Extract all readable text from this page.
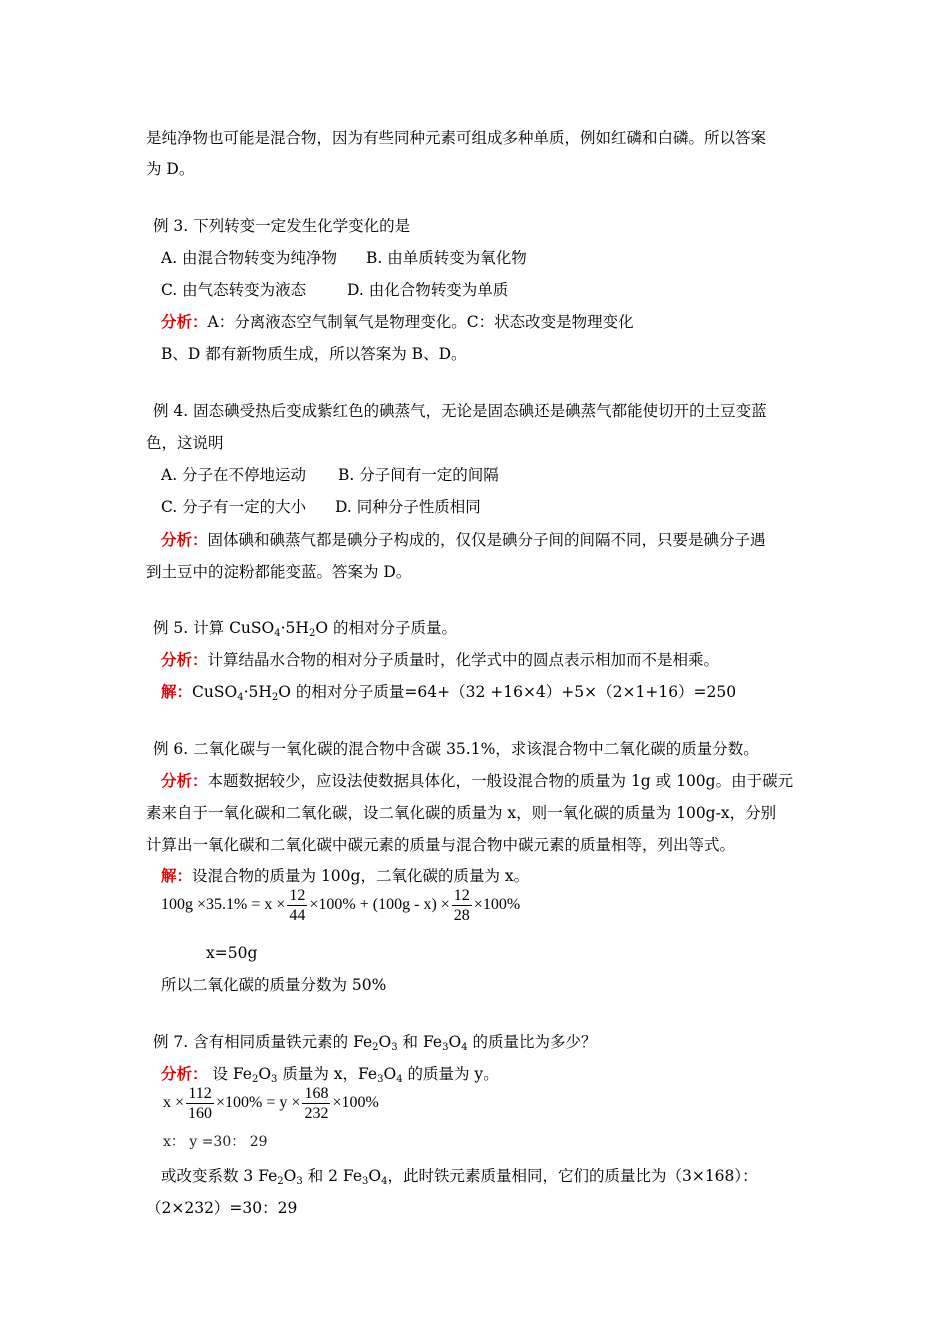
是纯净物也可能是混合物，因为有些同种元素可组成多种单质，例如红磷和白磷。所以答案
为 D。
例 3. 下列转变一定发生化学变化的是
A. 由混合物转变为纯净物 B. 由单质转变为氧化物
C. 由气态转变为液态	D. 由化合物转变为单质
分析：A：分离液态空气制氧气是物理变化。C：状态改变是物理变化
B、D 都有新物质生成，所以答案为 B、D。
例 4. 固态碘受热后变成紫红色的碘蒸气，无论是固态碘还是碘蒸气都能使切开的土豆变蓝
色，这说明
A. 分子在不停地运动 B. 分子间有一定的间隔
C. 分子有一定的大小 D. 同种分子性质相同
分析：固体碘和碘蒸气都是碘分子构成的，仅仅是碘分子间的间隔不同，只要是碘分子遇
到土豆中的淀粉都能变蓝。答案为 D。
例 5. 计算 $CuSO_4\cdot 5H_2O$ 的相对分子质量。
分析：计算结晶水合物的相对分子质量时，化学式中的圆点表示相加而不是相乘。
解：$CuSO_4\cdot 5H_2O$ 的相对分子质量=64+（32 +16×4）+5×（2×1+16）=250
例 6. 二氧化碳与一氧化碳的混合物中含碳 35.1%，求该混合物中二氧化碳的质量分数。
分析：本题数据较少，应设法使数据具体化，一般设混合物的质量为 1g 或 100g。由于碳元
素来自于一氧化碳和二氧化碳，设二氧化碳的质量为 x，则一氧化碳的质量为 100g-x，分别
计算出一氧化碳和二氧化碳中碳元素的质量与混合物中碳元素的质量相等，列出等式。
解：设混合物的质量为 100g，二氧化碳的质量为 x。
$100g \times 35.1\% = x \times \frac{12}{44} \times 100\% + (100g - x) \times \frac{12}{28} \times 100\%$
x=50g
所以二氧化碳的质量分数为 50%
例 7. 含有相同质量铁元素的 $Fe_2O_3$ 和 $Fe_3O_4$ 的质量比为多少？
分析： 设 $Fe_2O_3$ 质量为 x，$Fe_3O_4$ 的质量为 y。
$x \times \frac{112}{160} \times 100\% = y \times \frac{168}{232} \times 100\%$
x： y =30： 29
或改变系数 3 $Fe_2O_3$ 和 2 $Fe_3O_4$，此时铁元素质量相同，它们的质量比为（3×168）：
（2×232）=30：29
